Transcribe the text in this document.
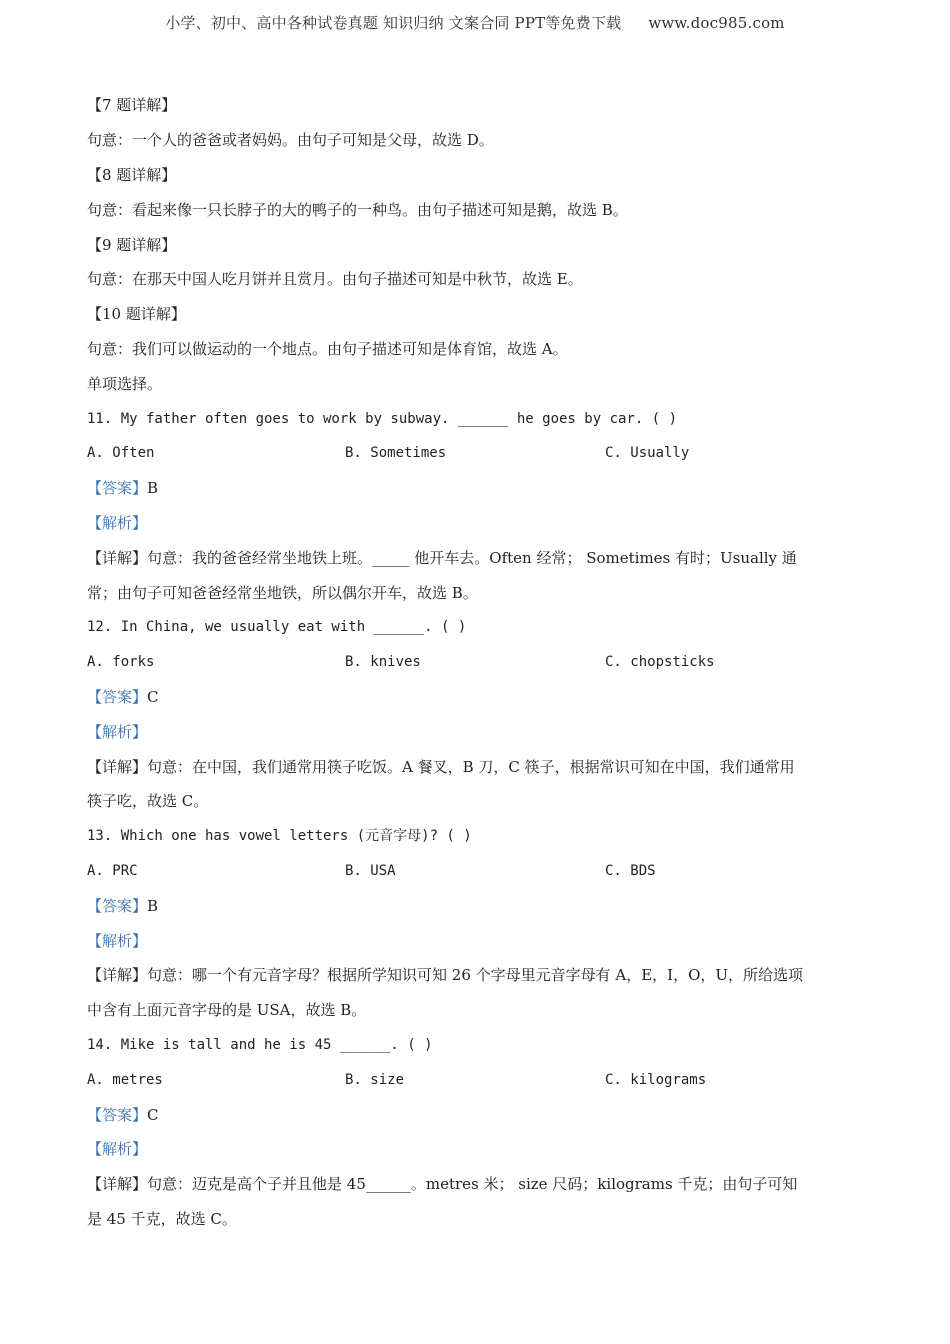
小学、初中、高中各种试卷真题 知识归纳 文案合同 PPT等免费下载 www.doc985.com
【7 题详解】
句意：一个人的爸爸或者妈妈。由句子可知是父母，故选 D。
【8 题详解】
句意：看起来像一只长脖子的大的鸭子的一种鸟。由句子描述可知是鹅，故选 B。
【9 题详解】
句意：在那天中国人吃月饼并且赏月。由句子描述可知是中秋节，故选 E。
【10 题详解】
句意：我们可以做运动的一个地点。由句子描述可知是体育馆，故选 A。
单项选择。
11. My father often goes to work by subway. ______ he goes by car. ( )
A. Often	B. Sometimes	C. Usually
【答案】 B
【解析】
【详解】句意：我的爸爸经常坐地铁上班。_____ 他开车去。Often 经常； Sometimes 有时；Usually 通
常；由句子可知爸爸经常坐地铁，所以偶尔开车，故选 B。
12. In China, we usually eat with ______. ( )
A. forks	B. knives	C. chopsticks
【答案】 C
【解析】
【详解】句意：在中国，我们通常用筷子吃饭。A 餐叉，B 刀，C 筷子，根据常识可知在中国，我们通常用
筷子吃，故选 C。
13. Which one has vowel letters (元音字母)? ( )
A. PRC	B. USA	C. BDS
【答案】 B
【解析】
【详解】句意：哪一个有元音字母？根据所学知识可知 26 个字母里元音字母有 A，E，I，O，U，所给选项
中含有上面元音字母的是 USA，故选 B。
14. Mike is tall and he is 45 ______. ( )
A. metres	B. size	C. kilograms
【答案】 C
【解析】
【详解】句意：迈克是高个子并且他是 45______。metres 米； size 尺码；kilograms 千克；由句子可知
是 45 千克，故选 C。
